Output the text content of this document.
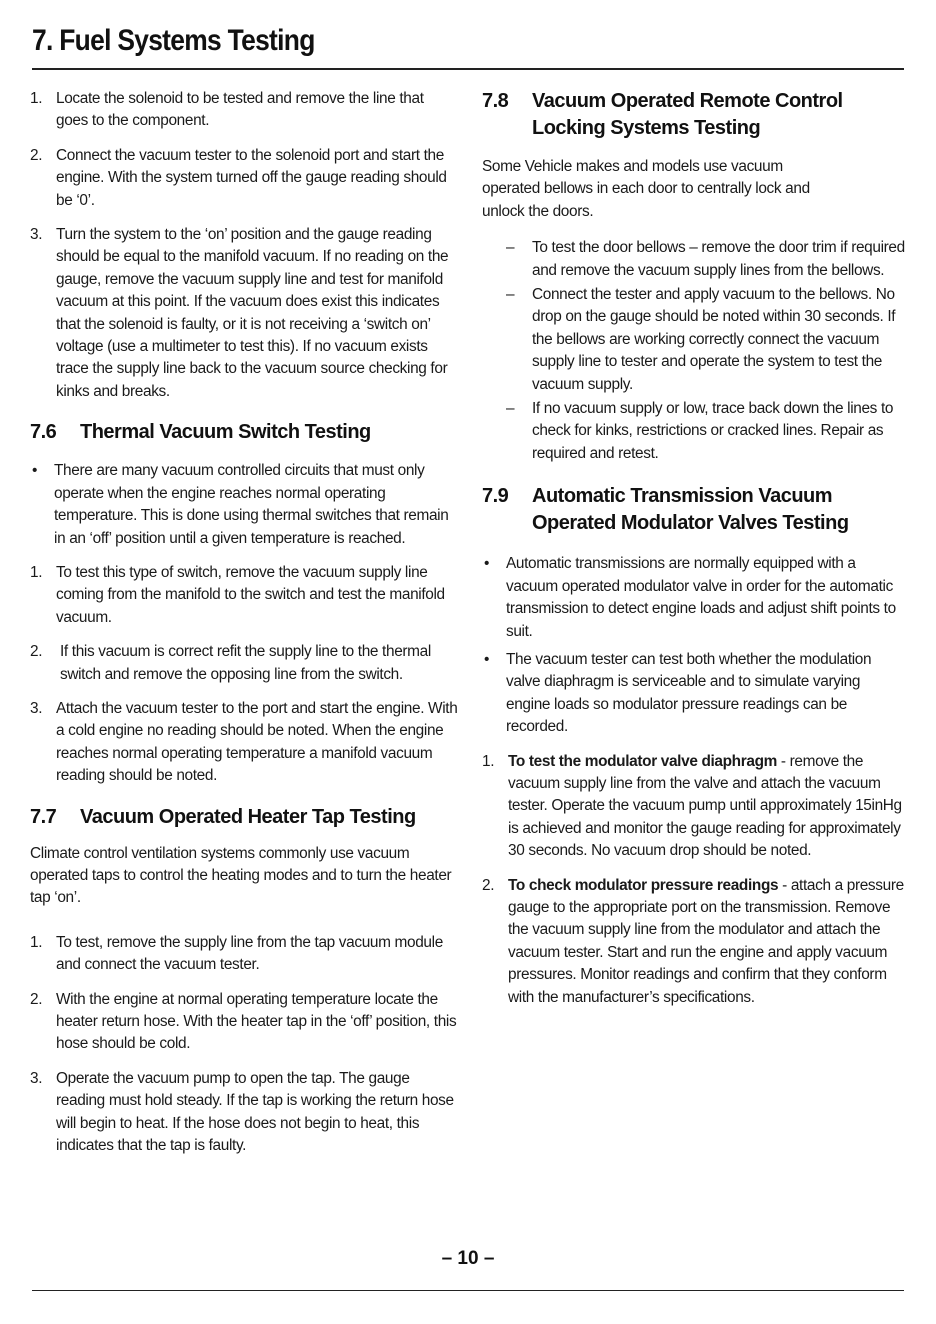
7. Fuel Systems Testing
1. Locate the solenoid to be tested and remove the line that goes to the component.
2. Connect the vacuum tester to the solenoid port and start the engine. With the system turned off the gauge reading should be ‘0’.
3. Turn the system to the ‘on’ position and the gauge reading should be equal to the manifold vacuum. If no reading on the gauge, remove the vacuum supply line and test for manifold vacuum at this point. If the vacuum does exist this indicates that the solenoid is faulty, or it is not receiving a ‘switch on’ voltage (use a multimeter to test this). If no vacuum exists trace the supply line back to the vacuum source checking for kinks and breaks.
7.6	Thermal Vacuum Switch Testing
•	There are many vacuum controlled circuits that must only operate when the engine reaches normal operating temperature. This is done using thermal switches that remain in an ‘off’ position until a given temperature is reached.
1. To test this type of switch, remove the vacuum supply line coming from the manifold to the switch and test the manifold vacuum.
2.	If this vacuum is correct refit the supply line to the thermal switch and remove the opposing line from the switch.
3. Attach the vacuum tester to the port and start the engine. With a cold engine no reading should be noted. When the engine reaches normal operating temperature a manifold vacuum reading should be noted.
7.7	Vacuum Operated Heater Tap Testing

Climate control ventilation systems commonly use vacuum operated taps to control the heating modes and to turn the heater tap ‘on’.

1. To test, remove the supply line from the tap vacuum module and connect the vacuum tester.
2. With the engine at normal operating temperature locate the heater return hose. With the heater tap in the ‘off’ position, this hose should be cold.
3. Operate the vacuum pump to open the tap. The gauge reading must hold steady. If the tap is working the return hose will begin to heat. If the hose does not begin to heat, this indicates that the tap is faulty.
7.8	Vacuum Operated Remote Control Locking Systems Testing

Some Vehicle makes and models use vacuum operated bellows in each door to centrally lock and unlock the doors.

–	To test the door bellows – remove the door trim if required and remove the vacuum supply lines from the bellows.
–	Connect the tester and apply vacuum to the bellows. No drop on the gauge should be noted within 30 seconds. If the bellows are working correctly connect the vacuum supply line to tester and operate the system to test the vacuum supply.
–	If no vacuum supply or low, trace back down the lines to check for kinks, restrictions or cracked lines. Repair as required and retest.
7.9	Automatic Transmission Vacuum Operated Modulator Valves Testing
•	Automatic transmissions are normally equipped with a vacuum operated modulator valve in order for the automatic transmission to detect engine loads and adjust shift points to suit.
•	The vacuum tester can test both whether the modulation valve diaphragm is serviceable and to simulate varying engine loads so modulator pressure readings can be recorded.
1. To test the modulator valve diaphragm - remove the vacuum supply line from the valve and attach the vacuum tester. Operate the vacuum pump until approximately 15inHg is achieved and monitor the gauge reading for approximately 30 seconds. No vacuum drop should be noted.
2. To check modulator pressure readings - attach a pressure gauge to the appropriate port on the transmission. Remove the vacuum supply line from the modulator and attach the vacuum tester. Start and run the engine and apply vacuum pressures. Monitor readings and confirm that they conform with the manufacturer’s specifications.
– 10 –
